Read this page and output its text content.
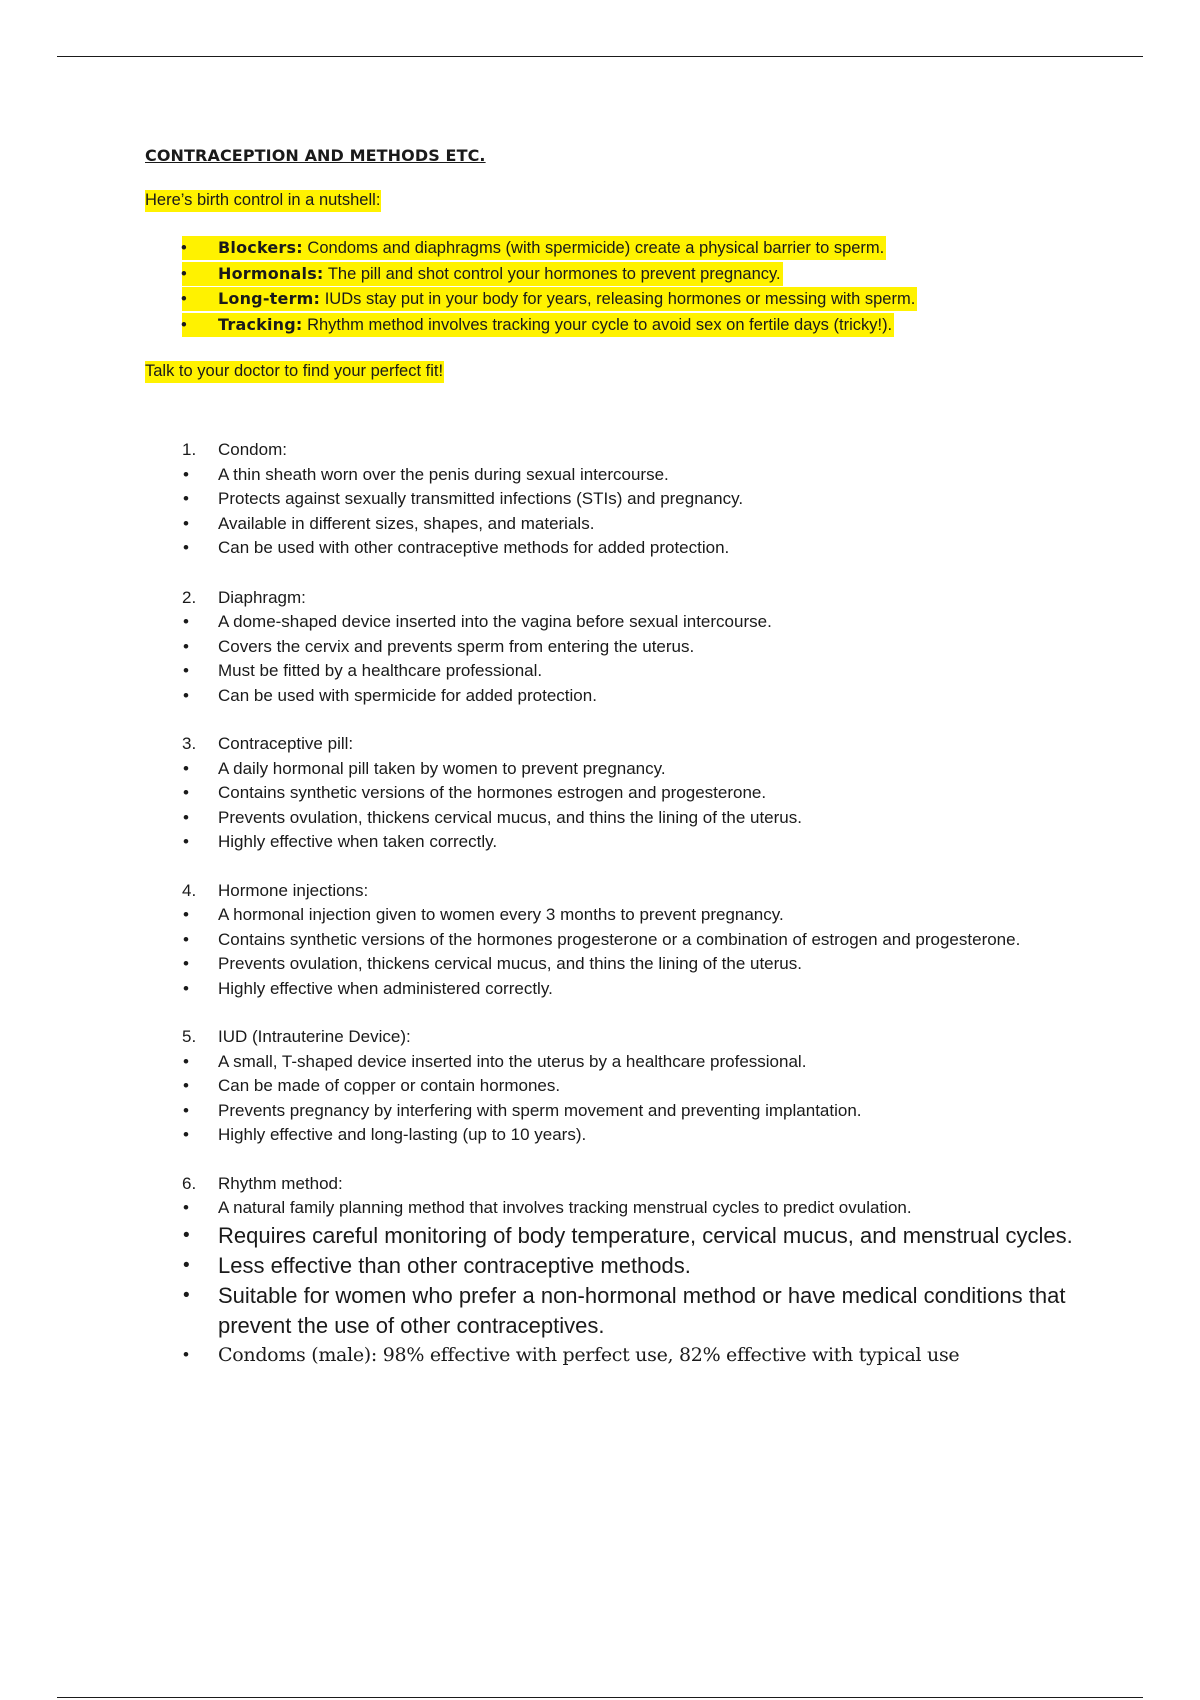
CONTRACEPTION AND METHODS ETC.

Here’s birth control in a nutshell:
• Blockers: Condoms and diaphragms (with spermicide) create a physical barrier to sperm.
• Hormonals: The pill and shot control your hormones to prevent pregnancy.
• Long-term: IUDs stay put in your body for years, releasing hormones or messing with sperm.
• Tracking: Rhythm method involves tracking your cycle to avoid sex on fertile days (tricky!).
Talk to your doctor to find your perfect fit!
1. Condom:
• A thin sheath worn over the penis during sexual intercourse.
• Protects against sexually transmitted infections (STIs) and pregnancy.
• Available in different sizes, shapes, and materials.
• Can be used with other contraceptive methods for added protection.
2. Diaphragm:
• A dome-shaped device inserted into the vagina before sexual intercourse.
• Covers the cervix and prevents sperm from entering the uterus.
• Must be fitted by a healthcare professional.
• Can be used with spermicide for added protection.
3. Contraceptive pill:
• A daily hormonal pill taken by women to prevent pregnancy.
• Contains synthetic versions of the hormones estrogen and progesterone.
• Prevents ovulation, thickens cervical mucus, and thins the lining of the uterus.
• Highly effective when taken correctly.
4. Hormone injections:
• A hormonal injection given to women every 3 months to prevent pregnancy.
• Contains synthetic versions of the hormones progesterone or a combination of estrogen and progesterone.
• Prevents ovulation, thickens cervical mucus, and thins the lining of the uterus.
• Highly effective when administered correctly.
5. IUD (Intrauterine Device):
• A small, T-shaped device inserted into the uterus by a healthcare professional.
• Can be made of copper or contain hormones.
• Prevents pregnancy by interfering with sperm movement and preventing implantation.
• Highly effective and long-lasting (up to 10 years).
6. Rhythm method:
• A natural family planning method that involves tracking menstrual cycles to predict ovulation.
• Requires careful monitoring of body temperature, cervical mucus, and menstrual cycles.
• Less effective than other contraceptive methods.
• Suitable for women who prefer a non-hormonal method or have medical conditions that prevent the use of other contraceptives.
• Condoms (male): 98% effective with perfect use, 82% effective with typical use
